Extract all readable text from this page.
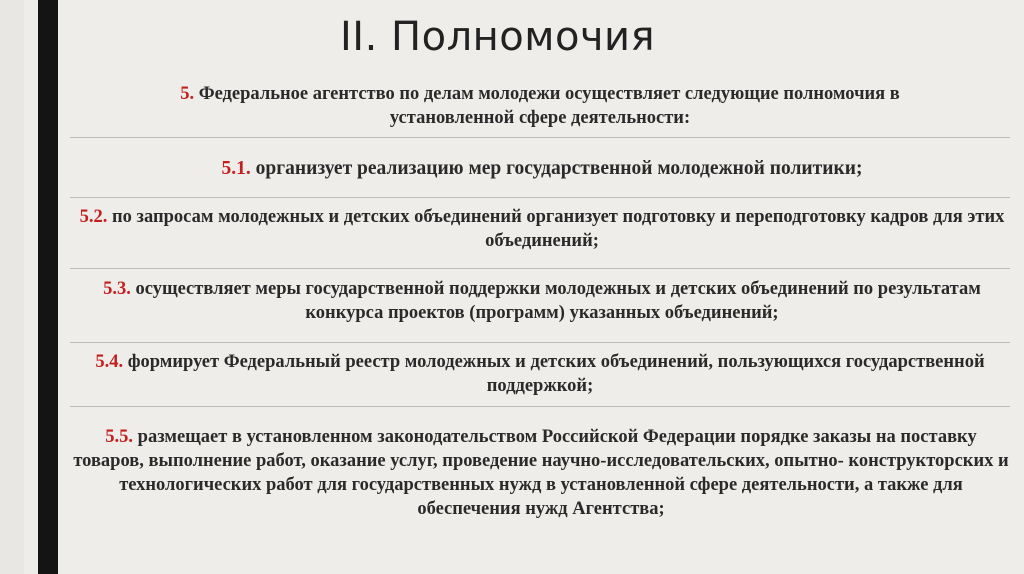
II. Полномочия
5. Федеральное агентство по делам молодежи осуществляет следующие полномочия в установленной сфере деятельности:
5.1. организует реализацию мер государственной молодежной политики;
5.2. по запросам молодежных и детских объединений организует подготовку и переподготовку кадров для этих объединений;
5.3. осуществляет меры государственной поддержки молодежных и детских объединений по результатам конкурса проектов (программ) указанных объединений;
5.4. формирует Федеральный реестр молодежных и детских объединений, пользующихся государственной поддержкой;
5.5. размещает в установленном законодательством Российской Федерации порядке заказы на поставку товаров, выполнение работ, оказание услуг, проведение научно-исследовательских, опытно- конструкторских и технологических работ для государственных нужд в установленной сфере деятельности, а также для обеспечения нужд Агентства;
